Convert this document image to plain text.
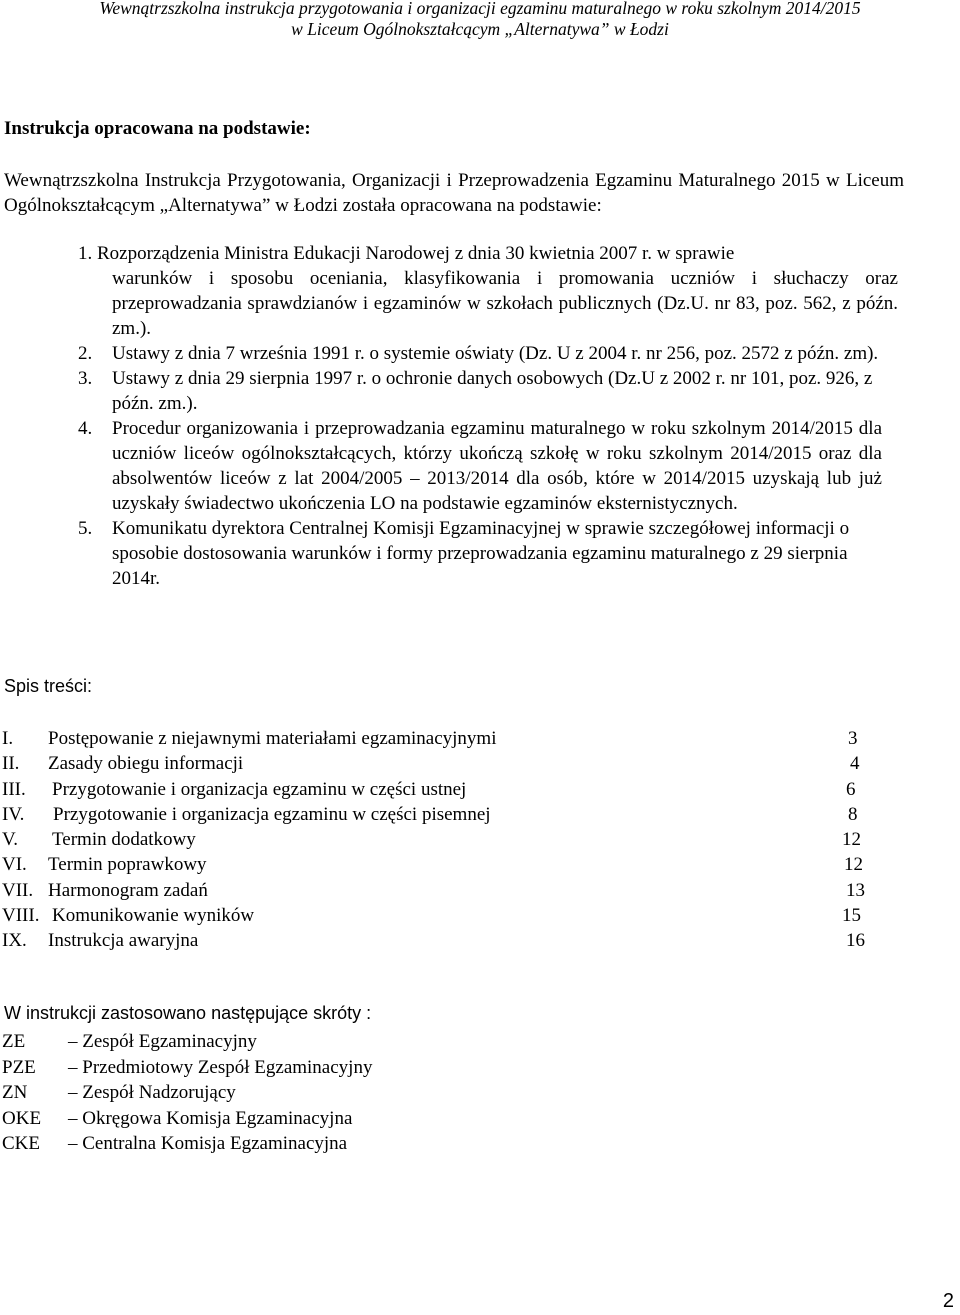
Wewnątrzszkolna instrukcja przygotowania i organizacji egzaminu maturalnego w roku szkolnym 2014/2015
w Liceum Ogólnokształcącym „Alternatywa” w Łodzi
Instrukcja opracowana na podstawie:
Wewnątrzszkolna Instrukcja Przygotowania, Organizacji i Przeprowadzenia Egzaminu Maturalnego 2015 w Liceum Ogólnokształcącym „Alternatywa” w Łodzi została opracowana na podstawie:
1. Rozporządzenia Ministra Edukacji Narodowej z dnia 30 kwietnia 2007 r. w sprawie
warunków i sposobu oceniania, klasyfikowania i promowania uczniów i słuchaczy oraz przeprowadzania sprawdzianów i egzaminów w szkołach publicznych (Dz.U. nr 83, poz. 562, z późn. zm.).
2. Ustawy z dnia 7 września 1991 r. o systemie oświaty (Dz. U z 2004 r. nr 256, poz. 2572 z późn. zm).
3. Ustawy z dnia 29 sierpnia 1997 r. o ochronie danych osobowych (Dz.U z 2002 r. nr 101, poz. 926, z późn. zm.).
4. Procedur organizowania i przeprowadzania egzaminu maturalnego w roku szkolnym 2014/2015 dla uczniów liceów ogólnokształcących, którzy ukończą szkołę w roku szkolnym 2014/2015 oraz dla absolwentów liceów z lat 2004/2005 – 2013/2014 dla osób, które w 2014/2015 uzyskają lub już uzyskały świadectwo ukończenia LO na podstawie egzaminów eksternistycznych.
5. Komunikatu dyrektora Centralnej Komisji Egzaminacyjnej w sprawie szczegółowej informacji o sposobie dostosowania warunków i formy przeprowadzania egzaminu maturalnego z 29 sierpnia 2014r.
Spis treści:
I. Postępowanie z niejawnymi materiałami egzaminacyjnymi	3
II. Zasady obiegu informacji	4
III. Przygotowanie i organizacja egzaminu w części ustnej	6
IV. Przygotowanie i organizacja egzaminu w części pisemnej	8
V. Termin dodatkowy	12
VI. Termin poprawkowy	12
VII. Harmonogram zadań	13
VIII. Komunikowanie wyników	15
IX. Instrukcja awaryjna	16
W instrukcji zastosowano następujące skróty :
ZE – Zespół Egzaminacyjny
PZE – Przedmiotowy Zespół Egzaminacyjny
ZN – Zespół Nadzorujący
OKE – Okręgowa Komisja Egzaminacyjna
CKE – Centralna Komisja Egzaminacyjna
2
